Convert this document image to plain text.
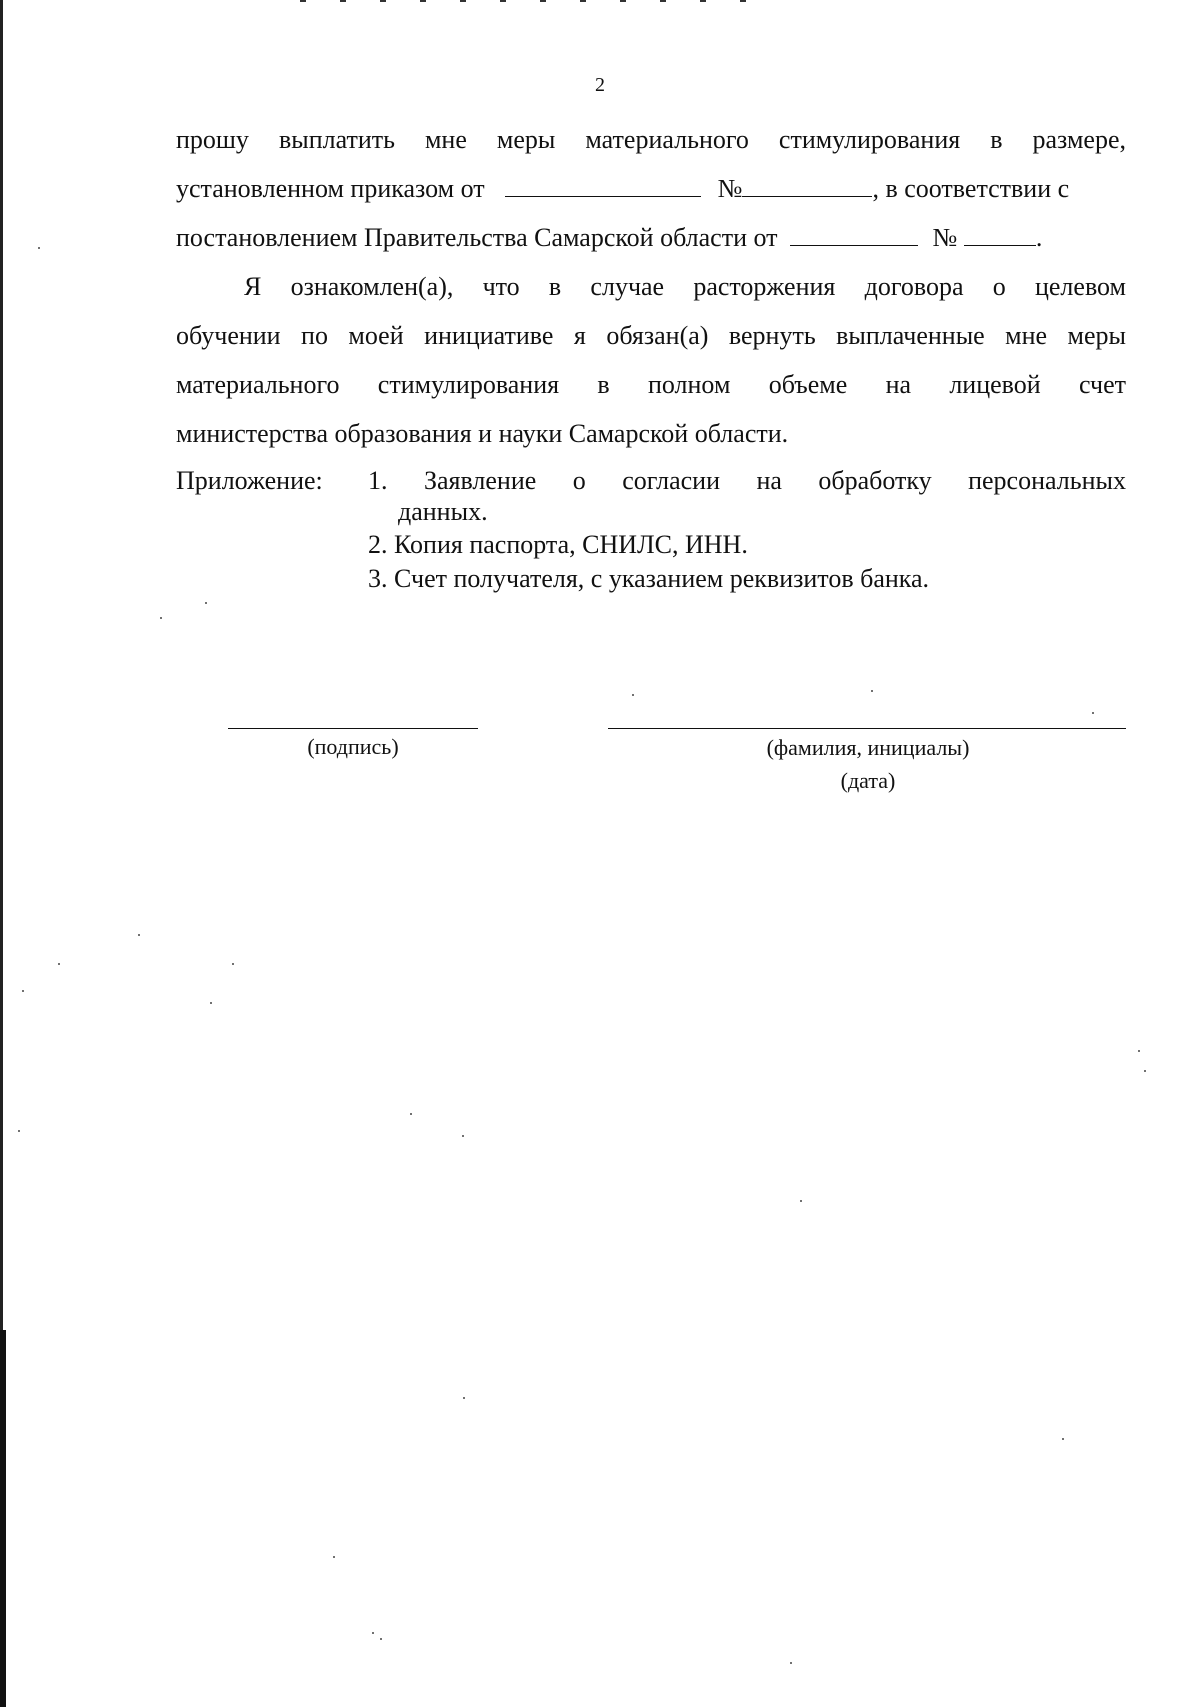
2
прошу выплатить мне меры материального стимулирования в размере,
установленном приказом от	№	, в соответствии с
постановлением Правительства Самарской области от	№	.
Я ознакомлен(а), что в случае расторжения договора о целевом
обучении по моей инициативе я обязан(а) вернуть выплаченные мне меры
материального стимулирования в полном объеме на лицевой счет
министерства образования и науки Самарской области.
Приложение: 1. Заявление о согласии на обработку персональных
данных.
2. Копия паспорта, СНИЛС, ИНН.
3. Счет получателя, с указанием реквизитов банка.
(подпись)	(фамилия, инициалы)
(дата)
